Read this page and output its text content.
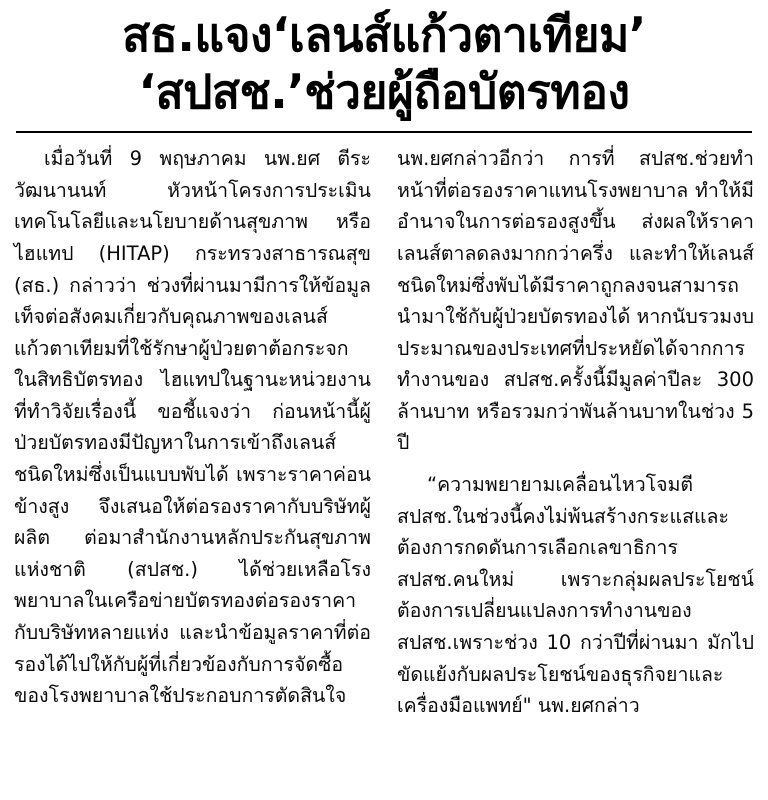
สธ.แจง‘เลนส์แก้วตาเทียม’
‘สปสช.’ช่วยผู้ถือบัตรทอง

เมื่อวันที่ 9 พฤษภาคม นพ.ยศ ตีระวัฒนานนท์ หัวหน้าโครงการประเมินเทคโนโลยีและนโยบายด้านสุขภาพ หรือไฮแทป (HITAP) กระทรวงสาธารณสุข (สธ.) กล่าวว่า ช่วงที่ผ่านมามีการให้ข้อมูลเท็จต่อสังคมเกี่ยวกับคุณภาพของเลนส์แก้วตาเทียมที่ใช้รักษาผู้ป่วยตาต้อกระจกในสิทธิบัตรทอง ไฮแทปในฐานะหน่วยงานที่ทำวิจัยเรื่องนี้ ขอชี้แจงว่า ก่อนหน้านี้ผู้ป่วยบัตรทองมีปัญหาในการเข้าถึงเลนส์ชนิดใหม่ซึ่งเป็นแบบพับได้ เพราะราคาค่อนข้างสูง จึงเสนอให้ต่อรองราคากับบริษัทผู้ผลิต ต่อมาสำนักงานหลักประกันสุขภาพแห่งชาติ (สปสช.) ได้ช่วยเหลือโรงพยาบาลในเครือข่ายบัตรทองต่อรองราคากับบริษัทหลายแห่ง และนำข้อมูลราคาที่ต่อรองได้ไปให้กับผู้ที่เกี่ยวข้องกับการจัดซื้อของโรงพยาบาลใช้ประกอบการตัดสินใจ

นพ.ยศกล่าวอีกว่า การที่ สปสช.ช่วยทำหน้าที่ต่อรองราคาแทนโรงพยาบาล ทำให้มีอำนาจในการต่อรองสูงขึ้น ส่งผลให้ราคาเลนส์ตาลดลงมากกว่าครึ่ง และทำให้เลนส์ชนิดใหม่ซึ่งพับได้มีราคาถูกลงจนสามารถนำมาใช้กับผู้ป่วยบัตรทองได้ หากนับรวมงบประมาณของประเทศที่ประหยัดได้จากการทำงานของ สปสช.ครั้งนี้มีมูลค่าปีละ 300 ล้านบาท หรือรวมกว่าพันล้านบาทในช่วง 5 ปี

“ความพยายามเคลื่อนไหวโจมตี สปสช.ในช่วงนี้คงไม่พ้นสร้างกระแสและต้องการกดดันการเลือกเลขาธิการ สปสช.คนใหม่ เพราะกลุ่มผลประโยชน์ ต้องการเปลี่ยนแปลงการทำงานของ สปสช.เพราะช่วง 10 กว่าปีที่ผ่านมา มักไปขัดแย้งกับผลประโยชน์ของธุรกิจยาและเครื่องมือแพทย์" นพ.ยศกล่าว
